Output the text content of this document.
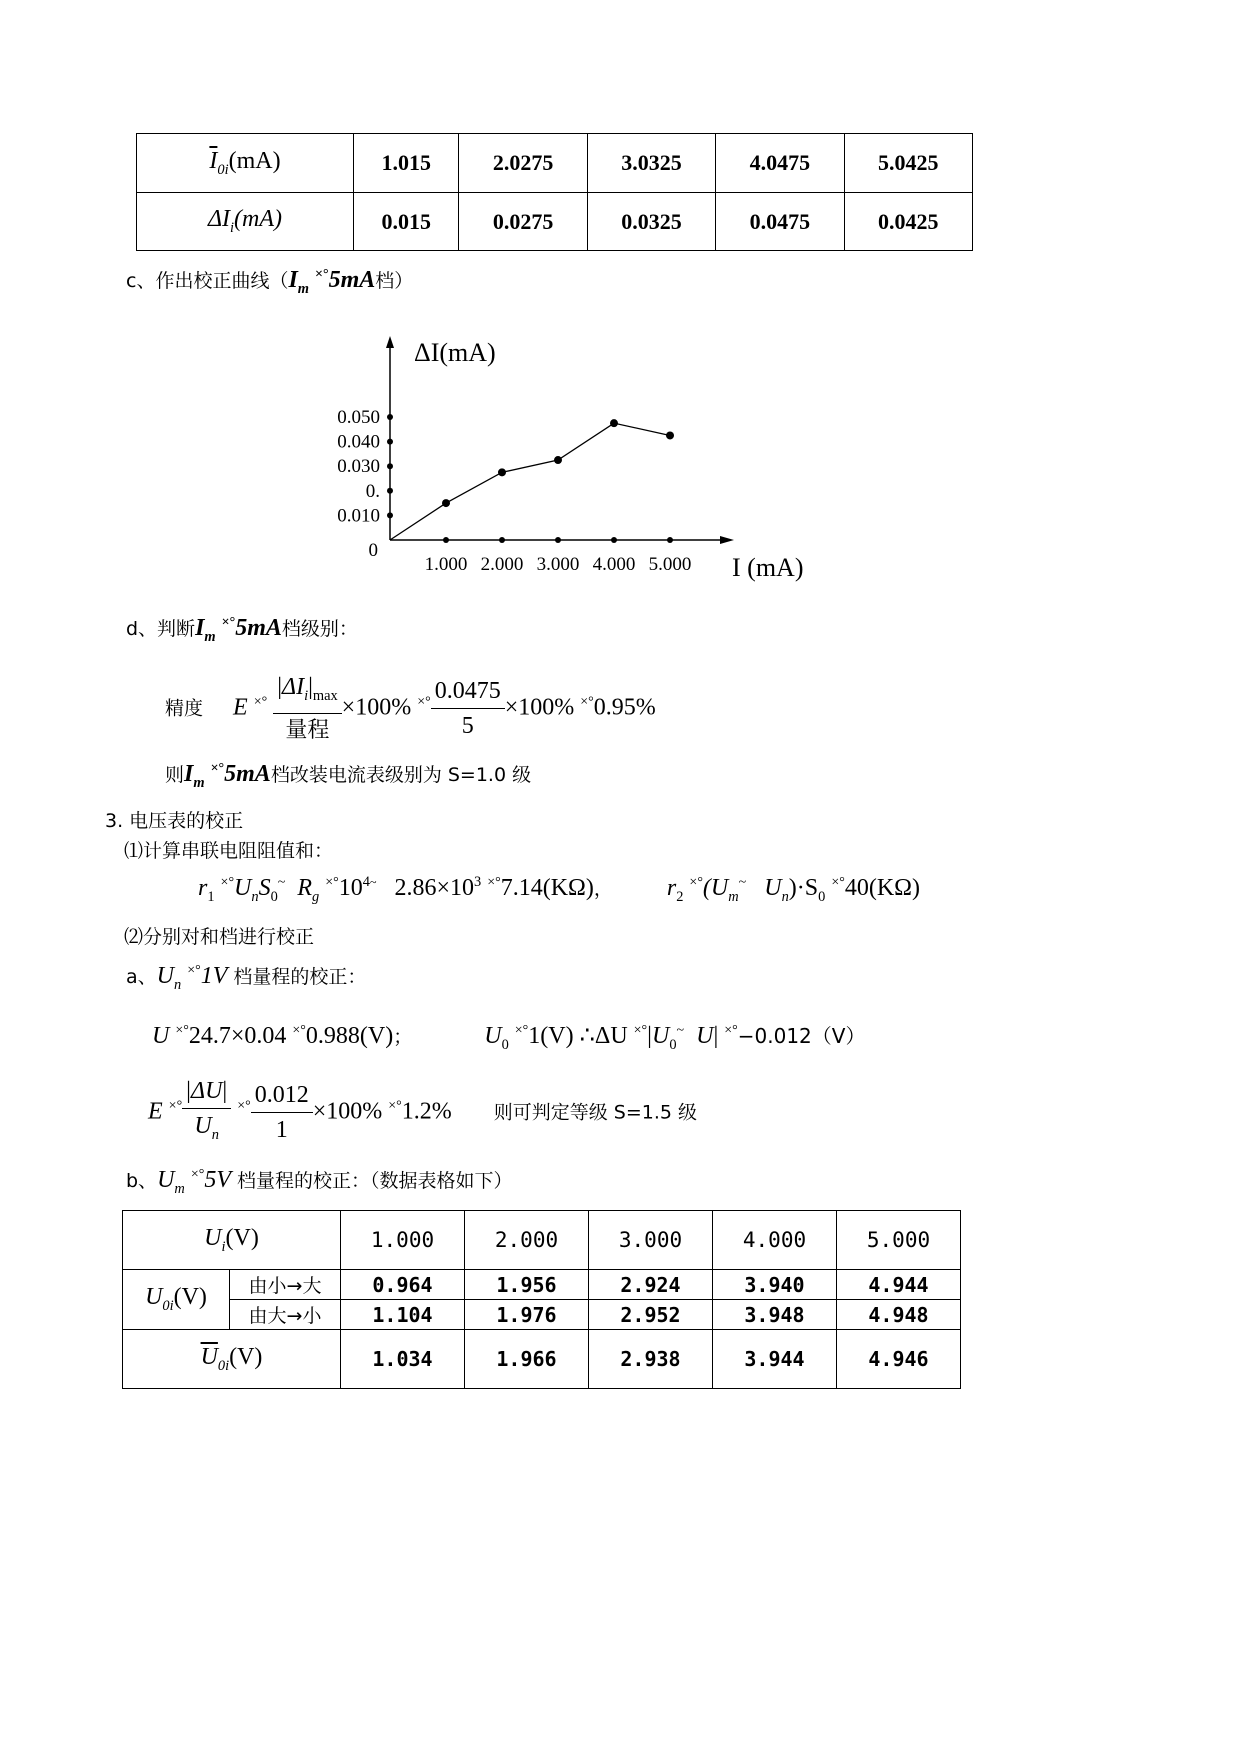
$\overline{I}_{0i}(mA)$	1.015	2.0275	3.0325	4.0475	5.0425
$\Delta I_i(mA)$	0.015	0.0275	0.0325	0.0475	0.0425
c、作出校正曲线（$I_m$ ×°5mA档）
0.050
0.040
0.030
0.
0.010
0
1.000 2.000 3.000 4.000 5.000
ΔI(mA)
I (mA)
d、判断$I_m$ ×°5mA档级别：
精度 E $^{\times^\circ} \frac{|\Delta I_i|_{max}}{\text{量程}} \times 100\%$ $^{\times^\circ} \frac{0.0475}{5} \times 100\%$ ×°0.95%
则$I_m$ ×°5mA档改装电流表级别为 S=1.0 级
3. 电压表的校正
⑴计算串联电阻阻值和：
$r_1$ $^{\times^\circ}U_nS_0^\sim$ $R_g$ $^{\times^\circ}10^{4\sim}$ $2.86\times 10^3$ ×°7.14(KΩ)， $r_2$ $^{\times^\circ}(U_m^\sim$ $U_n)\cdot S_0$ ×°40(KΩ)
⑵分别对和档进行校正
a、$U_n$ ×°1V 档量程的校正：
U ×°24.7×0.04 ×°0.988(V)；	$U_0$ ×°1(V) ∴ΔU $^{\times^\circ}|U_0^\sim$ U| ×°−0.012（V）
E $^{\times^\circ} \frac{|\Delta U|}{U_n} ^{\times^\circ} \frac{0.012}{1} \times 100\%$ ×°1.2% 则可判定等级 S=1.5 级
b、$U_m$ ×°5V 档量程的校正：（数据表格如下）
$U_i(V)$		1.000	2.000	3.000	4.000	5.000
$U_{0i}(V)$	由小→大	0.964	1.956	2.924	3.940	4.944
	由大→小	1.104	1.976	2.952	3.948	4.948
$\overline{U}_{0i}(V)$		1.034	1.966	2.938	3.944	4.946
